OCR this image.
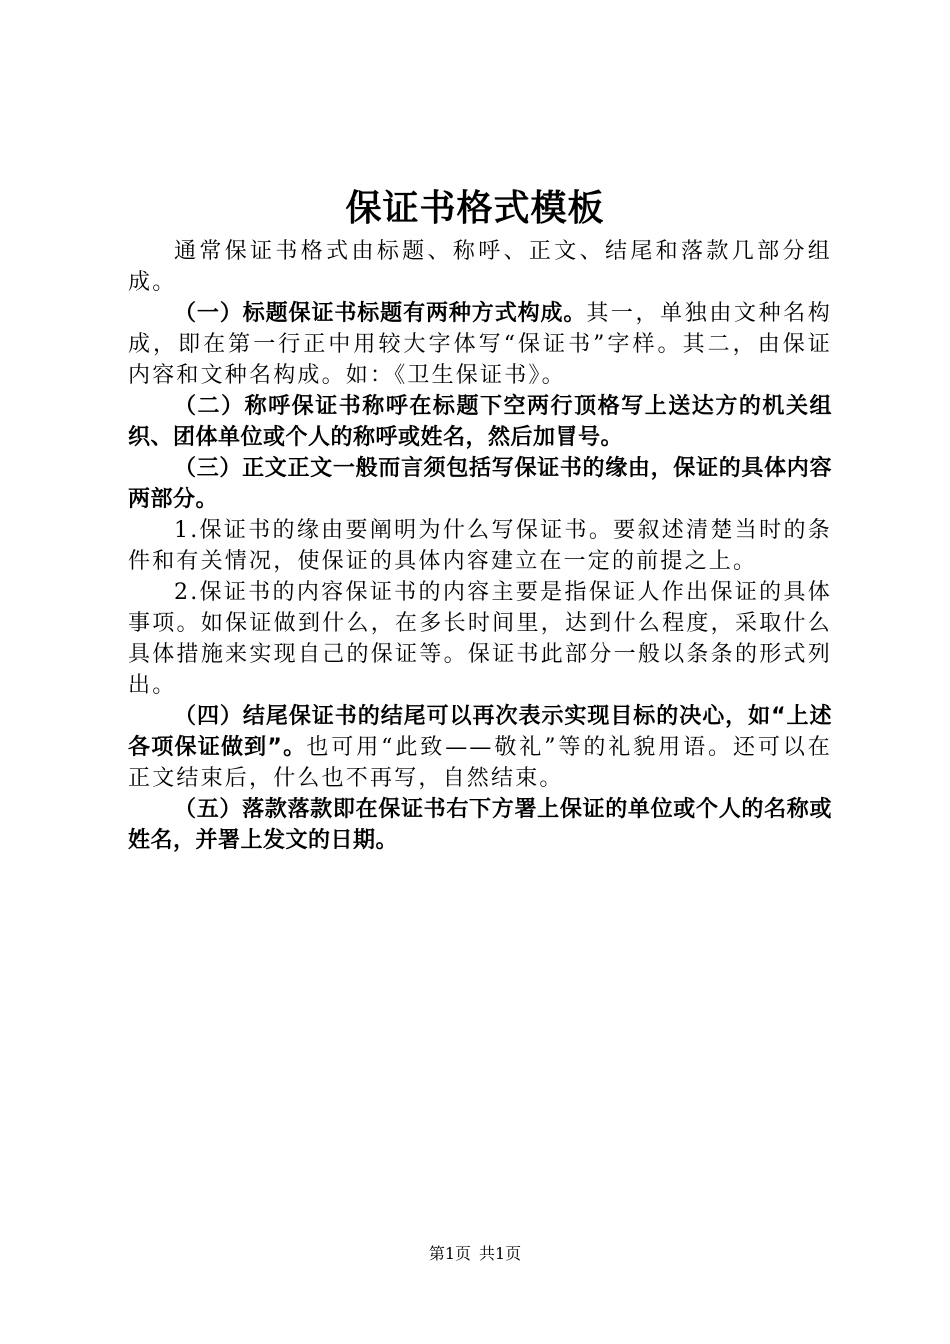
保证书格式模板

通常保证书格式由标题、称呼、正文、结尾和落款几部分组成。

（一）标题保证书标题有两种方式构成。其一，单独由文种名构成，即在第一行正中用较大字体写“保证书”字样。其二，由保证内容和文种名构成。如：《卫生保证书》。

（二）称呼保证书称呼在标题下空两行顶格写上送达方的机关组织、团体单位或个人的称呼或姓名，然后加冒号。

（三）正文正文一般而言须包括写保证书的缘由，保证的具体内容两部分。

1.保证书的缘由要阐明为什么写保证书。要叙述清楚当时的条件和有关情况，使保证的具体内容建立在一定的前提之上。

2.保证书的内容保证书的内容主要是指保证人作出保证的具体事项。如保证做到什么，在多长时间里，达到什么程度，采取什么具体措施来实现自己的保证等。保证书此部分一般以条条的形式列出。

（四）结尾保证书的结尾可以再次表示实现目标的决心，如“上述各项保证做到”。也可用“此致——敬礼”等的礼貌用语。还可以在正文结束后，什么也不再写，自然结束。

（五）落款落款即在保证书右下方署上保证的单位或个人的名称或姓名，并署上发文的日期。

第1页 共1页
